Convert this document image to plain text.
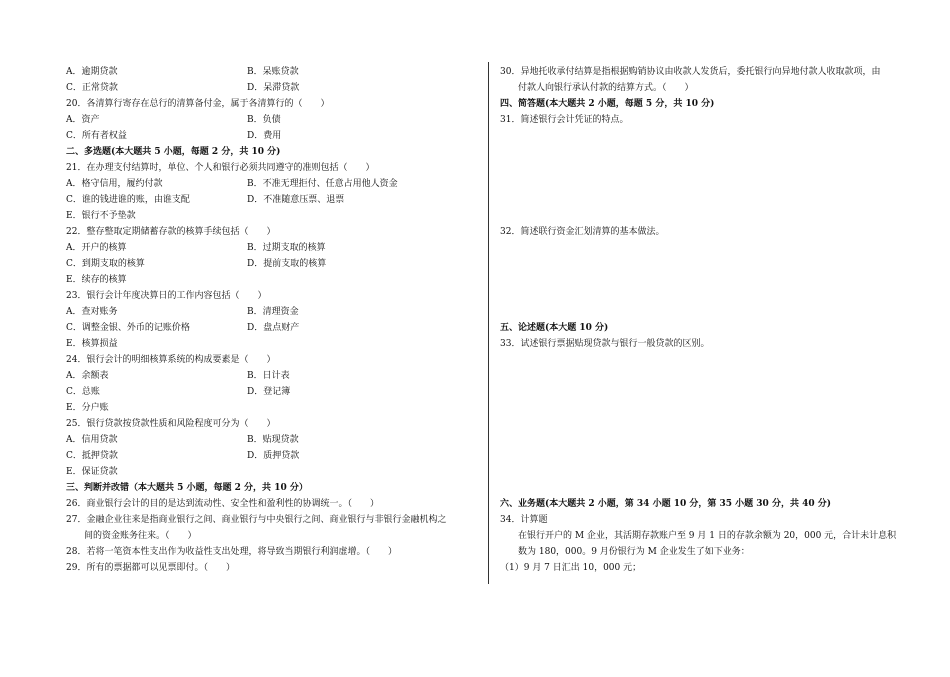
A．逾期贷款	B．呆账贷款
C．正常贷款	D．呆滞贷款
20．各清算行寄存在总行的清算备付金，属于各清算行的（　　）
A．资产	B．负债
C．所有者权益	D．费用
二、多选题(本大题共 5 小题，每题 2 分，共 10 分)
21．在办理支付结算时，单位、个人和银行必须共同遵守的准则包括（　　）
A．格守信用，履约付款	B．不准无理拒付、任意占用他人资金
C．谁的钱进谁的账，由谁支配	D．不准随意压票、退票
E．银行不予垫款
22．整存整取定期储蓄存款的核算手续包括（　　）
A．开户的核算	B．过期支取的核算
C．到期支取的核算	D．提前支取的核算
E．续存的核算
23．银行会计年度决算日的工作内容包括（　　）
A．查对账务	B．清理资金
C．调整金银、外币的记账价格	D．盘点财产
E．核算损益
24．银行会计的明细核算系统的构成要素是（　　）
A．余额表	B．日计表
C．总账	D．登记簿
E．分户账
25．银行贷款按贷款性质和风险程度可分为（　　）
A．信用贷款	B．贴现贷款
C．抵押贷款	D．质押贷款
E．保证贷款
三、判断并改错（本大题共 5 小题，每题 2 分，共 10 分）
26．商业银行会计的目的是达到流动性、安全性和盈利性的协调统一。（　　）
27．金融企业往来是指商业银行之间、商业银行与中央银行之间、商业银行与非银行金融机构之
间的资金账务往来。（　　）
28．若将一笔资本性支出作为收益性支出处理，将导致当期银行利润虚增。（　　）
29．所有的票据都可以见票即付。（　　）
30．异地托收承付结算是指根据购销协议由收款人发货后，委托银行向异地付款人收取款项，由
付款人向银行承认付款的结算方式。（　　）
四、简答题(本大题共 2 小题，每题 5 分，共 10 分)
31．简述银行会计凭证的特点。
32．简述联行资金汇划清算的基本做法。
五、论述题(本大题 10 分)
33．试述银行票据贴现贷款与银行一般贷款的区别。
六、业务题(本大题共 2 小题，第 34 小题 10 分，第 35 小题 30 分，共 40 分)
34．计算题
在银行开户的 M 企业，其活期存款账户至 9 月 1 日的存款余额为 20，000 元，合计未计息积
数为 180，000。9 月份银行为 M 企业发生了如下业务：
（1）9 月 7 日汇出 10，000 元；
